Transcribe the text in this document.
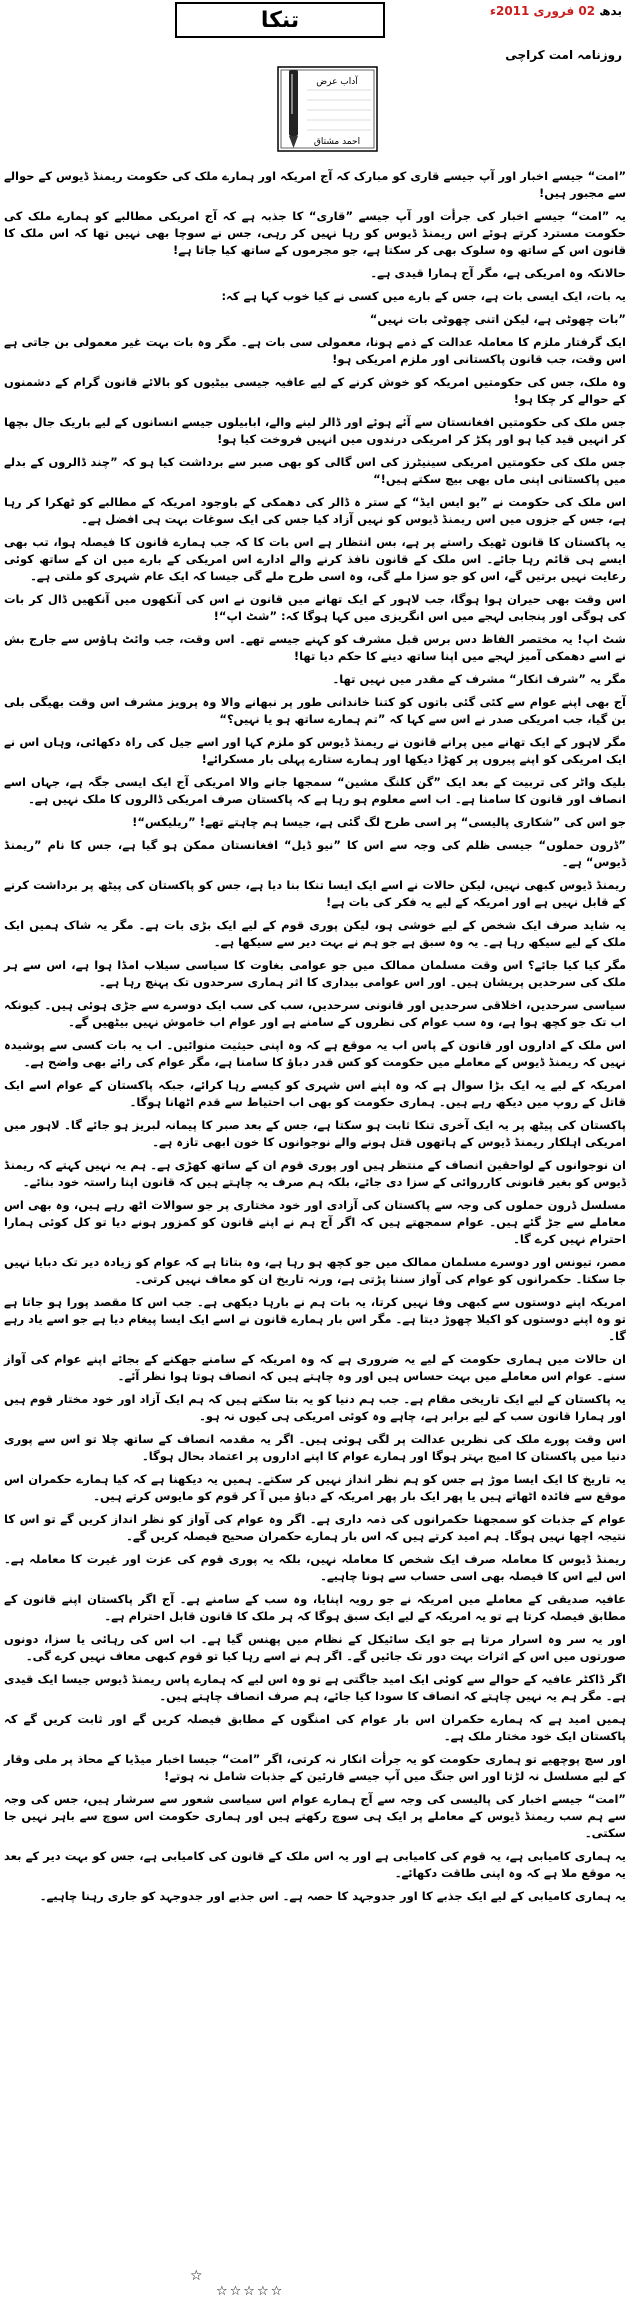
بدھ 02 فروری 2011ء
تنکا
روزنامہ امت کراچی
آداب عرض
احمد مشتاق

”امت“ جیسے اخبار اور آپ جیسے قاری کو مبارک کہ آج امریکہ اور ہمارے ملک کی حکومت ریمنڈ ڈیوس کے حوالے سے مجبور ہیں!

یہ ”امت“ جیسے اخبار کی جرأت اور آپ جیسے ”قاری“ کا جذبہ ہے کہ آج امریکی مطالبے کو ہمارے ملک کی حکومت مسترد کرتے ہوئے اس ریمنڈ ڈیوس کو رہا نہیں کر رہی، جس نے سوچا بھی نہیں تھا کہ اس ملک کا قانون اس کے ساتھ وہ سلوک بھی کر سکتا ہے، جو مجرموں کے ساتھ کیا جاتا ہے!

حالانکہ وہ امریکی ہے، مگر آج ہمارا قیدی ہے۔

یہ بات، ایک ایسی بات ہے، جس کے بارے میں کسی نے کیا خوب کہا ہے کہ:

”بات چھوٹی ہے، لیکن اتنی چھوٹی بات نہیں“

ایک گرفتار ملزم کا معاملہ عدالت کے ذمے ہونا، معمولی سی بات ہے۔ مگر وہ بات بہت غیر معمولی بن جاتی ہے اس وقت، جب قانون پاکستانی اور ملزم امریکی ہو!

وہ ملک، جس کی حکومتیں امریکہ کو خوش کرنے کے لیے عافیہ جیسی بیٹیوں کو بالائے قانون گرام کے دشمنوں کے حوالے کر چکا ہو!

جس ملک کی حکومتیں افغانستان سے آئے ہوئے اور ڈالر لینے والے، ابابیلوں جیسے انسانوں کے لیے باریک جال بچھا کر انہیں قید کیا ہو اور پکڑ کر امریکی درندوں میں انہیں فروخت کیا ہو!

جس ملک کی حکومتیں امریکی سینیٹرز کی اس گالی کو بھی صبر سے برداشت کیا ہو کہ ”چند ڈالروں کے بدلے میں پاکستانی اپنی ماں بھی بیچ سکتے ہیں!“

اس ملک کی حکومت نے ”یو ایس ایڈ“ کے ستر ہ ڈالر کی دھمکی کے باوجود امریکہ کے مطالبے کو ٹھکرا کر رہا ہے، جس کے جزوں میں اس ریمنڈ ڈیوس کو نہیں آزاد کیا جس کی ایک سوغات بہت ہی افضل ہے۔

یہ پاکستان کا قانون ٹھیک راستے پر ہے، بس انتظار ہے اس بات کا کہ جب ہمارے قانون کا فیصلہ ہوا، تب بھی ایسے ہی قائم رہا جائے۔ اس ملک کے قانون نافذ کرنے والے ادارے اس امریکی کے بارے میں ان کے ساتھ کوئی رعایت نہیں برتیں گے، اس کو جو سزا ملے گی، وہ اسی طرح ملے گی جیسا کہ ایک عام شہری کو ملتی ہے۔

اس وقت بھی حیران ہوا ہوگا، جب لاہور کے ایک تھانے میں قانون نے اس کی آنکھوں میں آنکھیں ڈال کر بات کی ہوگی اور پنجابی لہجے میں اس انگریزی میں کہا ہوگا کہ: ”شٹ اپ“!

شٹ اپ! یہ مختصر الفاظ دس برس قبل مشرف کو کہنے جیسے تھے۔ اس وقت، جب وائٹ ہاؤس سے جارج بش نے اسے دھمکی آمیز لہجے میں اپنا ساتھ دینے کا حکم دیا تھا!

مگر یہ ”شرف انکار“ مشرف کے مقدر میں نہیں تھا۔

آج بھی اپنے عوام سے کئی گئی باتوں کو کتنا خاندانی طور پر نبھانے والا وہ پرویز مشرف اس وقت بھیگی بلی بن گیا، جب امریکی صدر نے اس سے کہا کہ ”تم ہمارے ساتھ ہو یا نہیں؟“

مگر لاہور کے ایک تھانے میں پرانے قانون نے ریمنڈ ڈیوس کو ملزم کہا اور اسے جیل کی راہ دکھائی، وہاں اس نے ایک امریکی کو اپنے پیروں پر کھڑا دیکھا اور ہمارے ستارے پہلی بار مسکرائے!

بلیک واٹر کی تربیت کے بعد ایک ”گن کلنگ مشین“ سمجھا جانے والا امریکی آج ایک ایسی جگہ ہے، جہاں اسے انصاف اور قانون کا سامنا ہے۔ اب اسے معلوم ہو رہا ہے کہ پاکستان صرف امریکی ڈالروں کا ملک نہیں ہے۔

جو اس کی ”شکاری پالیسی“ پر اسی طرح لگ گئی ہے، جیسا ہم چاہتے تھے! ”ریلیکس“!

”ڈرون حملوں“ جیسی ظلم کی وجہ سے اس کا ”نیو ڈیل“ افغانستان ممکن ہو گیا ہے، جس کا نام ”ریمنڈ ڈیوس“ ہے۔

ریمنڈ ڈیوس کبھی نہیں، لیکن حالات نے اسے ایک ایسا تنکا بنا دیا ہے، جس کو پاکستان کی پیٹھ پر برداشت کرنے کے قابل نہیں ہے اور امریکہ کے لیے یہ فکر کی بات ہے!

یہ شاید صرف ایک شخص کے لیے خوشی ہو، لیکن پوری قوم کے لیے ایک بڑی بات ہے۔ مگر یہ شاک ہمیں ایک ملک کے لیے سیکھ رہا ہے۔ یہ وہ سبق ہے جو ہم نے بہت دیر سے سیکھا ہے۔

مگر کیا کیا جائے؟ اس وقت مسلمان ممالک میں جو عوامی بغاوت کا سیاسی سیلاب امڈا ہوا ہے، اس سے ہر ملک کی سرحدیں پریشان ہیں۔ اور اس عوامی بیداری کا اثر ہماری سرحدوں تک پہنچ رہا ہے۔

سیاسی سرحدیں، اخلاقی سرحدیں اور قانونی سرحدیں، سب کی سب ایک دوسرے سے جڑی ہوئی ہیں۔ کیونکہ اب تک جو کچھ ہوا ہے، وہ سب عوام کی نظروں کے سامنے ہے اور عوام اب خاموش نہیں بیٹھیں گے۔

اس ملک کے اداروں اور قانون کے پاس اب یہ موقع ہے کہ وہ اپنی حیثیت منوائیں۔ اب یہ بات کسی سے پوشیدہ نہیں کہ ریمنڈ ڈیوس کے معاملے میں حکومت کو کس قدر دباؤ کا سامنا ہے، مگر عوام کی رائے بھی واضح ہے۔

امریکہ کے لیے یہ ایک بڑا سوال ہے کہ وہ اپنے اس شہری کو کیسے رہا کرائے، جبکہ پاکستان کے عوام اسے ایک قاتل کے روپ میں دیکھ رہے ہیں۔ ہماری حکومت کو بھی اب احتیاط سے قدم اٹھانا ہوگا۔

پاکستان کی پیٹھ پر یہ ایک آخری تنکا ثابت ہو سکتا ہے، جس کے بعد صبر کا پیمانہ لبریز ہو جائے گا۔ لاہور میں امریکی اہلکار ریمنڈ ڈیوس کے ہاتھوں قتل ہونے والے نوجوانوں کا خون ابھی تازہ ہے۔

ان نوجوانوں کے لواحقین انصاف کے منتظر ہیں اور پوری قوم ان کے ساتھ کھڑی ہے۔ ہم یہ نہیں کہتے کہ ریمنڈ ڈیوس کو بغیر قانونی کارروائی کے سزا دی جائے، بلکہ ہم صرف یہ چاہتے ہیں کہ قانون اپنا راستہ خود بنائے۔

مسلسل ڈرون حملوں کی وجہ سے پاکستان کی آزادی اور خود مختاری پر جو سوالات اٹھ رہے ہیں، وہ بھی اس معاملے سے جڑ گئے ہیں۔ عوام سمجھتے ہیں کہ اگر آج ہم نے اپنے قانون کو کمزور ہونے دیا تو کل کوئی ہمارا احترام نہیں کرے گا۔

مصر، تیونس اور دوسرے مسلمان ممالک میں جو کچھ ہو رہا ہے، وہ بتاتا ہے کہ عوام کو زیادہ دیر تک دبایا نہیں جا سکتا۔ حکمرانوں کو عوام کی آواز سننا پڑتی ہے، ورنہ تاریخ ان کو معاف نہیں کرتی۔

امریکہ اپنے دوستوں سے کبھی وفا نہیں کرتا، یہ بات ہم نے بارہا دیکھی ہے۔ جب اس کا مقصد پورا ہو جاتا ہے تو وہ اپنے دوستوں کو اکیلا چھوڑ دیتا ہے۔ مگر اس بار ہمارے قانون نے اسے ایک ایسا پیغام دیا ہے جو اسے یاد رہے گا۔

ان حالات میں ہماری حکومت کے لیے یہ ضروری ہے کہ وہ امریکہ کے سامنے جھکنے کے بجائے اپنے عوام کی آواز سنے۔ عوام اس معاملے میں بہت حساس ہیں اور وہ چاہتے ہیں کہ انصاف ہوتا ہوا نظر آئے۔

یہ پاکستان کے لیے ایک تاریخی مقام ہے۔ جب ہم دنیا کو یہ بتا سکتے ہیں کہ ہم ایک آزاد اور خود مختار قوم ہیں اور ہمارا قانون سب کے لیے برابر ہے، چاہے وہ کوئی امریکی ہی کیوں نہ ہو۔

اس وقت پورے ملک کی نظریں عدالت پر لگی ہوئی ہیں۔ اگر یہ مقدمہ انصاف کے ساتھ چلا تو اس سے پوری دنیا میں پاکستان کا امیج بہتر ہوگا اور ہمارے عوام کا اپنے اداروں پر اعتماد بحال ہوگا۔

یہ تاریخ کا ایک ایسا موڑ ہے جس کو ہم نظر انداز نہیں کر سکتے۔ ہمیں یہ دیکھنا ہے کہ کیا ہمارے حکمران اس موقع سے فائدہ اٹھاتے ہیں یا پھر ایک بار پھر امریکہ کے دباؤ میں آ کر قوم کو مایوس کرتے ہیں۔

عوام کے جذبات کو سمجھنا حکمرانوں کی ذمہ داری ہے۔ اگر وہ عوام کی آواز کو نظر انداز کریں گے تو اس کا نتیجہ اچھا نہیں ہوگا۔ ہم امید کرتے ہیں کہ اس بار ہمارے حکمران صحیح فیصلہ کریں گے۔

ریمنڈ ڈیوس کا معاملہ صرف ایک شخص کا معاملہ نہیں، بلکہ یہ پوری قوم کی عزت اور غیرت کا معاملہ ہے۔ اس لیے اس کا فیصلہ بھی اسی حساب سے ہونا چاہیے۔

عافیہ صدیقی کے معاملے میں امریکہ نے جو رویہ اپنایا، وہ سب کے سامنے ہے۔ آج اگر پاکستان اپنے قانون کے مطابق فیصلہ کرتا ہے تو یہ امریکہ کے لیے ایک سبق ہوگا کہ ہر ملک کا قانون قابل احترام ہے۔

اور یہ سر وہ اسرار مرتا ہے جو ایک سائیکل کے نظام میں پھنس گیا ہے۔ اب اس کی رہائی یا سزا، دونوں صورتوں میں اس کے اثرات بہت دور تک جائیں گے۔ اگر ہم نے اسے رہا کیا تو قوم کبھی معاف نہیں کرے گی۔

اگر ڈاکٹر عافیہ کے حوالے سے کوئی ایک امید جاگتی ہے تو وہ اس لیے کہ ہمارے پاس ریمنڈ ڈیوس جیسا ایک قیدی ہے۔ مگر ہم یہ نہیں چاہتے کہ انصاف کا سودا کیا جائے، ہم صرف انصاف چاہتے ہیں۔

ہمیں امید ہے کہ ہمارے حکمران اس بار عوام کی امنگوں کے مطابق فیصلہ کریں گے اور ثابت کریں گے کہ پاکستان ایک خود مختار ملک ہے۔

اور سچ پوچھیے تو ہماری حکومت کو یہ جرأت انکار نہ کرتی، اگر ”امت“ جیسا اخبار میڈیا کے محاذ پر ملی وقار کے لیے مسلسل نہ لڑتا اور اس جنگ میں آپ جیسے قارئین کے جذبات شامل نہ ہوتے!

”امت“ جیسے اخبار کی پالیسی کی وجہ سے آج ہمارے عوام اس سیاسی شعور سے سرشار ہیں، جس کی وجہ سے ہم سب ریمنڈ ڈیوس کے معاملے پر ایک ہی سوچ رکھتے ہیں اور ہماری حکومت اس سوچ سے باہر نہیں جا سکتی۔

یہ ہماری کامیابی ہے، یہ قوم کی کامیابی ہے اور یہ اس ملک کے قانون کی کامیابی ہے، جس کو بہت دیر کے بعد یہ موقع ملا ہے کہ وہ اپنی طاقت دکھائے۔

یہ ہماری کامیابی کے لیے ایک جذبے کا اور جدوجہد کا حصہ ہے۔ اس جذبے اور جدوجہد کو جاری رہنا چاہیے۔

☆
☆☆☆☆☆
